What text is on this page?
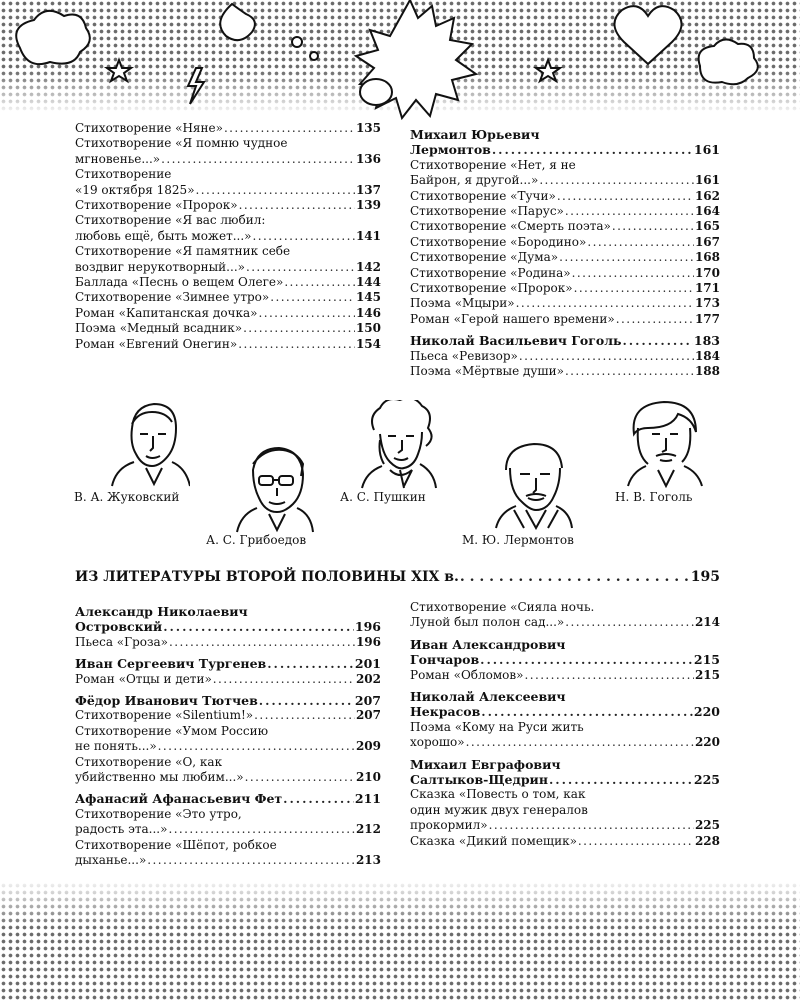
Стихотворение «Няне» . . .	135
Стихотворение «Я помню чудное
мгновенье...» . . .	136
Стихотворение
«19 октября 1825» . . .	137
Стихотворение «Пророк» . . .	139
Стихотворение «Я вас любил:
любовь ещё, быть может...» . . .	141
Стихотворение «Я памятник себе
воздвиг нерукотворный...» . . .	142
Баллада «Песнь о вещем Олеге» . . .	144
Стихотворение «Зимнее утро» . . .	145
Роман «Капитанская дочка» . . .	146
Поэма «Медный всадник» . . .	150
Роман «Евгений Онегин» . . .	154
Михаил Юрьевич
Лермонтов . . .	161
Стихотворение «Нет, я не
Байрон, я другой...» . . .	161
Стихотворение «Тучи» . . .	162
Стихотворение «Парус» . . .	164
Стихотворение «Смерть поэта» . . .	165
Стихотворение «Бородино» . . .	167
Стихотворение «Дума» . . .	168
Стихотворение «Родина» . . .	170
Стихотворение «Пророк» . . .	171
Поэма «Мцыри» . . .	173
Роман «Герой нашего времени» . . .	177
Николай Васильевич Гоголь . . .	183
Пьеса «Ревизор» . . .	184
Поэма «Мёртвые души» . . .	188
В. А. Жуковский
А. С. Грибоедов
А. С. Пушкин
М. Ю. Лермонтов
Н. В. Гоголь
ИЗ ЛИТЕРАТУРЫ ВТОРОЙ ПОЛОВИНЫ XIX в. . . .	195
Александр Николаевич
Островский . . .	196
Пьеса «Гроза» . . .	196
Иван Сергеевич Тургенев . . .	201
Роман «Отцы и дети» . . .	202
Фёдор Иванович Тютчев . . .	207
Стихотворение «Silentium!» . . .	207
Стихотворение «Умом Россию
не понять...» . . .	209
Стихотворение «О, как
убийственно мы любим...» . . .	210
Афанасий Афанасьевич Фет . . .	211
Стихотворение «Это утро,
радость эта...» . . .	212
Стихотворение «Шёпот, робкое
дыханье...» . . .	213
Стихотворение «Сияла ночь.
Луной был полон сад...» . . .	214
Иван Александрович
Гончаров . . .	215
Роман «Обломов» . . .	215
Николай Алексеевич
Некрасов . . .	220
Поэма «Кому на Руси жить
хорошо» . . .	220
Михаил Евграфович
Салтыков-Щедрин . . .	225
Сказка «Повесть о том, как
один мужик двух генералов
прокормил» . . .	225
Сказка «Дикий помещик» . . .	228
